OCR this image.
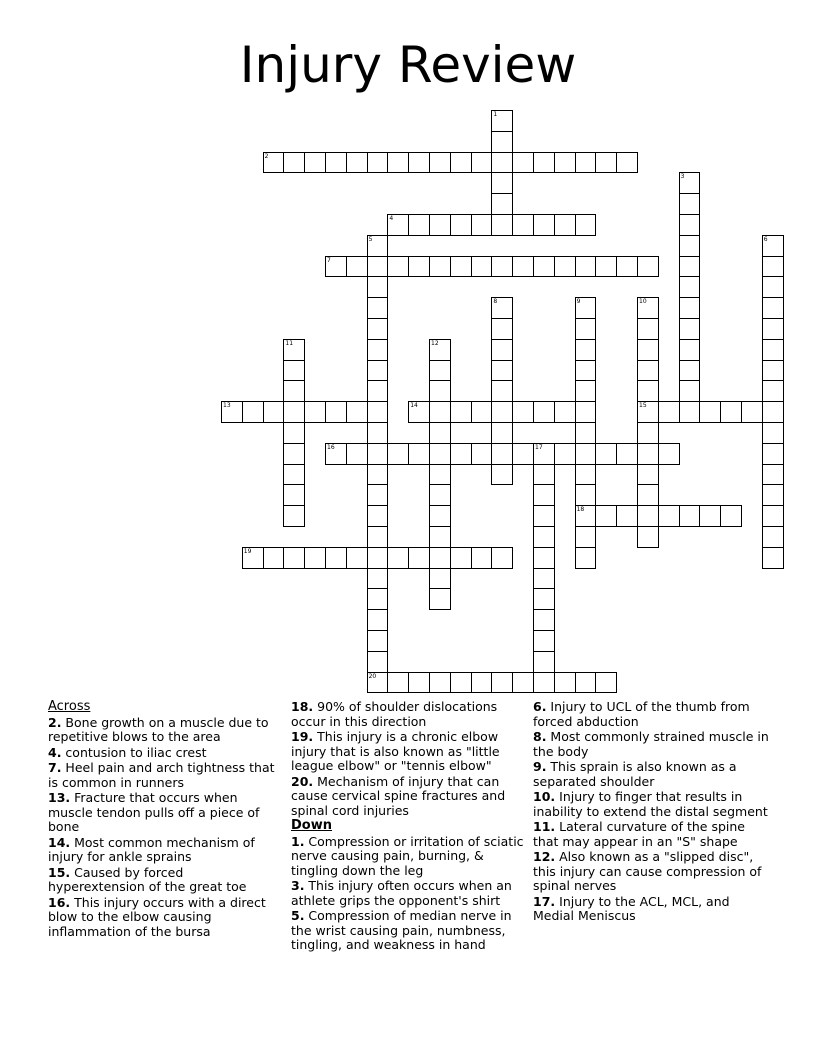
Injury Review
1
2
3
4
5	6
7
8	9
18
10
15
11	12
13	14
16	17
19
20
Across
2. Bone growth on a muscle due to repetitive blows to the area
4. contusion to iliac crest
7. Heel pain and arch tightness that is common in runners
13. Fracture that occurs when muscle tendon pulls off a piece of bone
14. Most common mechanism of injury for ankle sprains
15. Caused by forced hyperextension of the great toe
16. This injury occurs with a direct blow to the elbow causing inflammation of the bursa
18. 90% of shoulder dislocations occur in this direction
19. This injury is a chronic elbow injury that is also known as "little league elbow" or "tennis elbow"
20. Mechanism of injury that can cause cervical spine fractures and spinal cord injuries
Down
1. Compression or irritation of sciatic nerve causing pain, burning, & tingling down the leg
3. This injury often occurs when an athlete grips the opponent's shirt
5. Compression of median nerve in the wrist causing pain, numbness, tingling, and weakness in hand
6. Injury to UCL of the thumb from forced abduction
8. Most commonly strained muscle in the body
9. This sprain is also known as a separated shoulder
10. Injury to finger that results in inability to extend the distal segment
11. Lateral curvature of the spine that may appear in an "S" shape
12. Also known as a "slipped disc", this injury can cause compression of spinal nerves
17. Injury to the ACL, MCL, and Medial Meniscus
